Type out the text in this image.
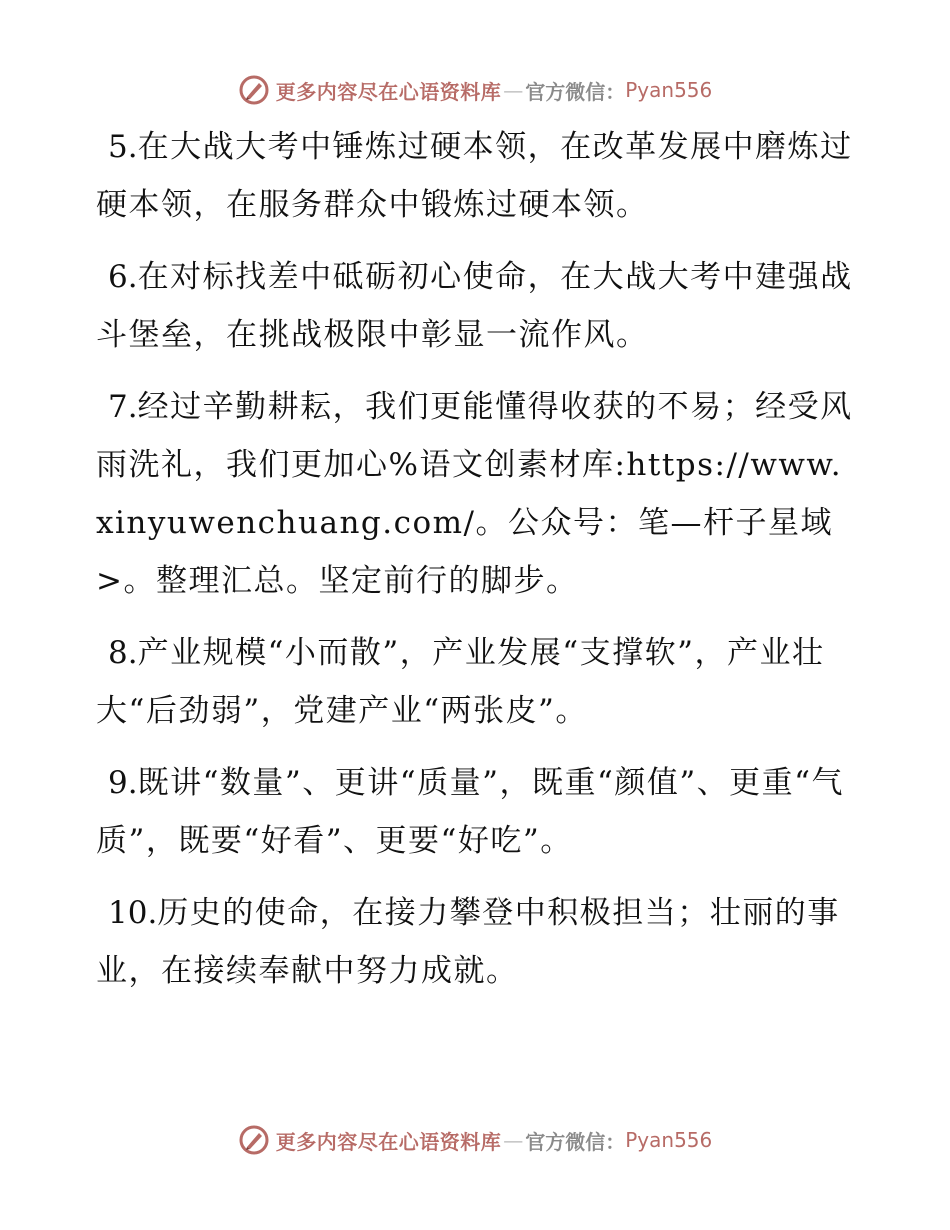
更多内容尽在心语资料库 — 官方微信： Pyan556

5.在大战大考中锤炼过硬本领，在改革发展中磨炼过硬本领，在服务群众中锻炼过硬本领。

6.在对标找差中砥砺初心使命，在大战大考中建强战斗堡垒，在挑战极限中彰显一流作风。

7.经过辛勤耕耘，我们更能懂得收获的不易；经受风雨洗礼，我们更加心%语文创素材库:https://www.xinyuwenchuang.com/。公众号：笔—杆子星域>。整理汇总。坚定前行的脚步。

8.产业规模“小而散”，产业发展“支撑软”，产业壮大“后劲弱”，党建产业“两张皮”。

9.既讲“数量”、更讲“质量”，既重“颜值”、更重“气质”，既要“好看”、更要“好吃”。

10.历史的使命，在接力攀登中积极担当；壮丽的事业，在接续奉献中努力成就。

更多内容尽在心语资料库 — 官方微信： Pyan556
